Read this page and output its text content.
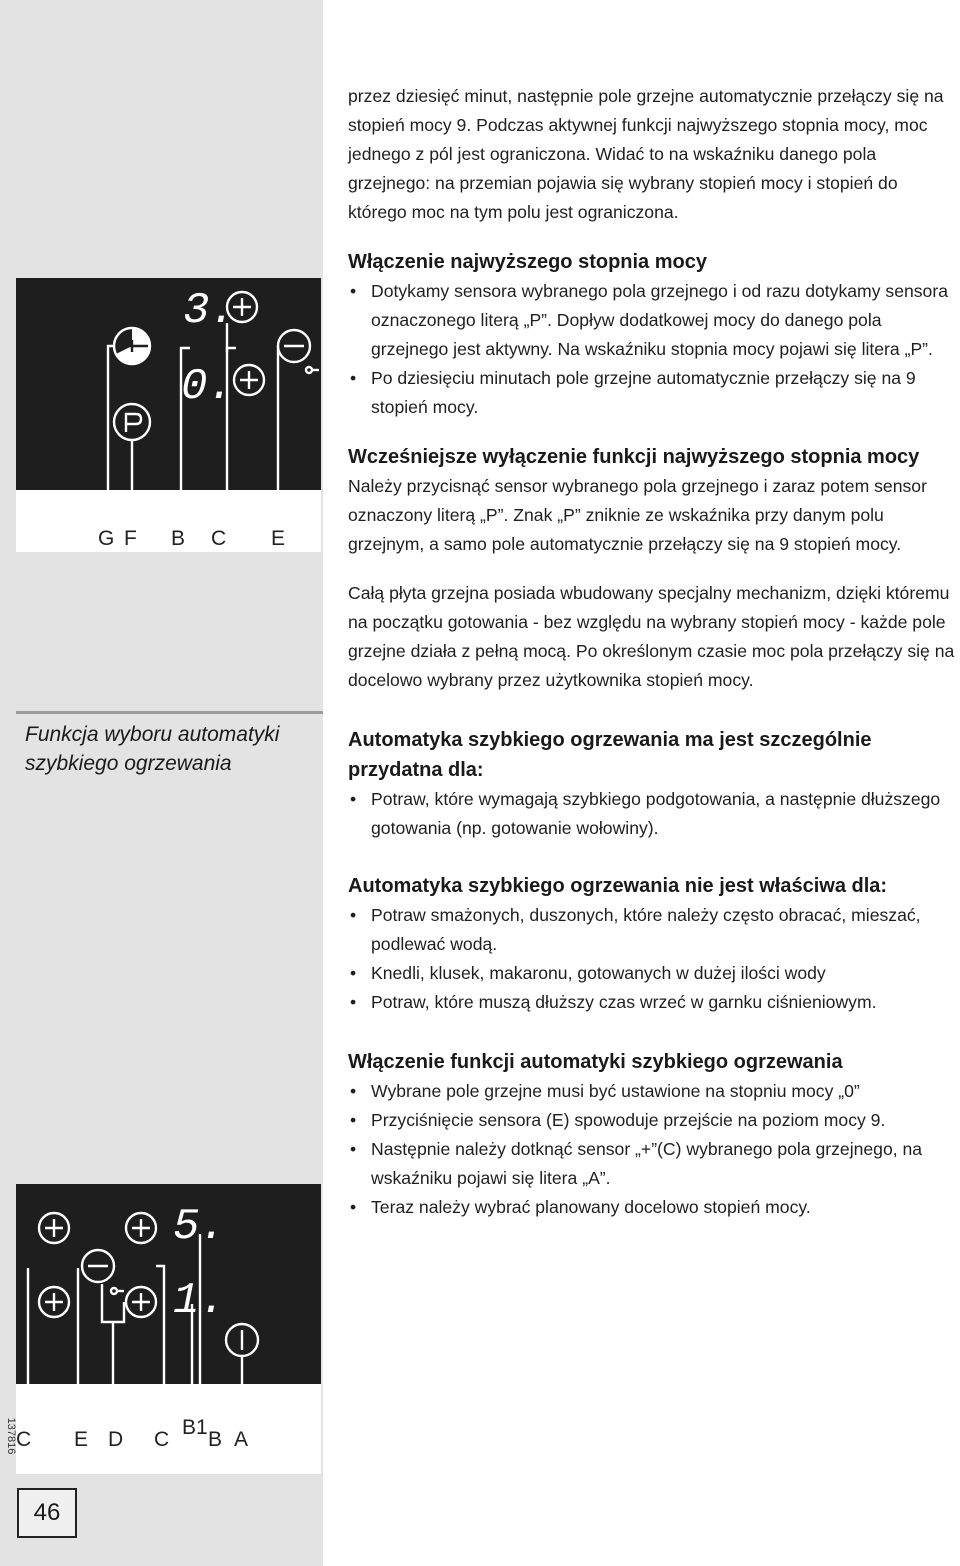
3.
0.
G F B C E
Funkcja wyboru automatyki szybkiego ogrzewania
5.
1.
C E D C
B1
B A
137816
46

przez dziesięć minut, następnie pole grzejne automatycznie przełączy się na stopień mocy 9. Podczas aktywnej funkcji najwyższego stopnia mocy, moc jednego z pól jest ograniczona. Widać to na wskaźniku danego pola grzejnego: na przemian pojawia się wybrany stopień mocy i stopień do którego moc na tym polu jest ograniczona.

Włączenie najwyższego stopnia mocy
• Dotykamy sensora wybranego pola grzejnego i od razu dotykamy sensora oznaczonego literą „P”. Dopływ dodatkowej mocy do danego pola grzejnego jest aktywny. Na wskaźniku stopnia mocy pojawi się litera „P”.
• Po dziesięciu minutach pole grzejne automatycznie przełączy się na 9 stopień mocy.
Wcześniejsze wyłączenie funkcji najwyższego stopnia mocy

Należy przycisnąć sensor wybranego pola grzejnego i zaraz potem sensor oznaczony literą „P”. Znak „P” zniknie ze wskaźnika przy danym polu grzejnym, a samo pole automatycznie przełączy się na 9 stopień mocy.

Całą płyta grzejna posiada wbudowany specjalny mechanizm, dzięki któremu na początku gotowania - bez względu na wybrany stopień mocy - każde pole grzejne działa z pełną mocą. Po określonym czasie moc pola przełączy się na docelowo wybrany przez użytkownika stopień mocy.

Automatyka szybkiego ogrzewania ma jest szczególnie przydatna dla:
• Potraw, które wymagają szybkiego podgotowania, a następnie dłuższego gotowania (np. gotowanie wołowiny).
Automatyka szybkiego ogrzewania nie jest właściwa dla:
• Potraw smażonych, duszonych, które należy często obracać, mieszać, podlewać wodą.
• Knedli, klusek, makaronu, gotowanych w dużej ilości wody
• Potraw, które muszą dłuższy czas wrzeć w garnku ciśnieniowym.
Włączenie funkcji automatyki szybkiego ogrzewania
• Wybrane pole grzejne musi być ustawione na stopniu mocy „0”
• Przyciśnięcie sensora (E) spowoduje przejście na poziom mocy 9.
• Następnie należy dotknąć sensor „+”(C) wybranego pola grzejnego, na wskaźniku pojawi się litera „A”.
• Teraz należy wybrać planowany docelowo stopień mocy.
